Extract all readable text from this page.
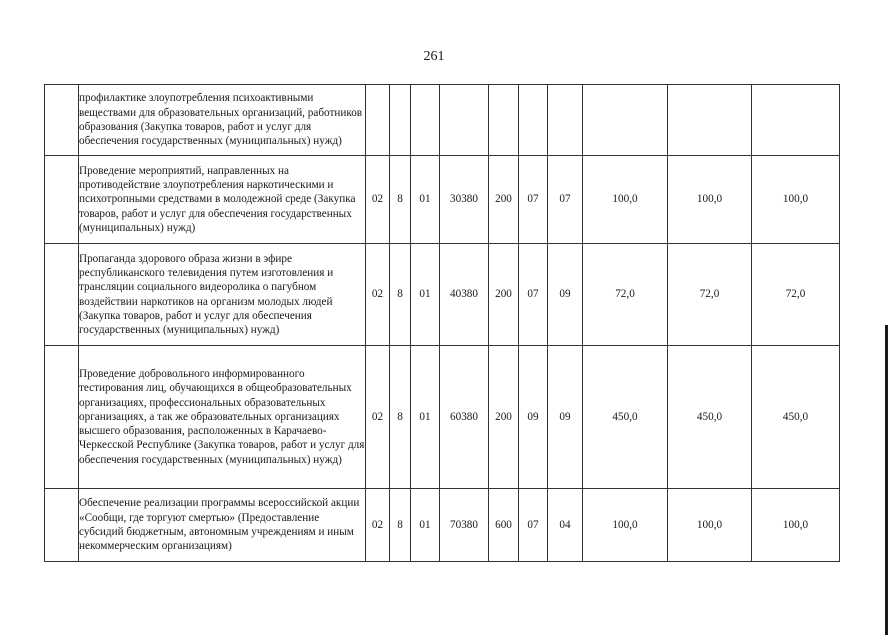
261
	профилактике злоупотребления психоактивными веществами для образовательных организаций, работников образования (Закупка товаров, работ и услуг для обеспечения государственных (муниципальных) нужд)										
	Проведение мероприятий, направленных на противодействие злоупотребления наркотическими и психотропными средствами в молодежной среде (Закупка товаров, работ и услуг для обеспечения государственных (муниципальных) нужд)	02	8	01	30380	200	07	07	100,0	100,0	100,0
	Пропаганда здорового образа жизни в эфире республиканского телевидения путем изготовления и трансляции социального видеоролика о пагубном воздействии наркотиков на организм молодых людей (Закупка товаров, работ и услуг для обеспечения государственных (муниципальных) нужд)	02	8	01	40380	200	07	09	72,0	72,0	72,0
	Проведение добровольного информированного тестирования лиц, обучающихся в общеобразовательных организациях, профессиональных образовательных организациях, а так же образовательных организациях высшего образования, расположенных в Карачаево-Черкесской Республике (Закупка товаров, работ и услуг для обеспечения государственных (муниципальных) нужд)	02	8	01	60380	200	09	09	450,0	450,0	450,0
	Обеспечение реализации программы всероссийской акции «Сообщи, где торгуют смертью» (Предоставление субсидий бюджетным, автономным учреждениям и иным некоммерческим организациям)	02	8	01	70380	600	07	04	100,0	100,0	100,0
